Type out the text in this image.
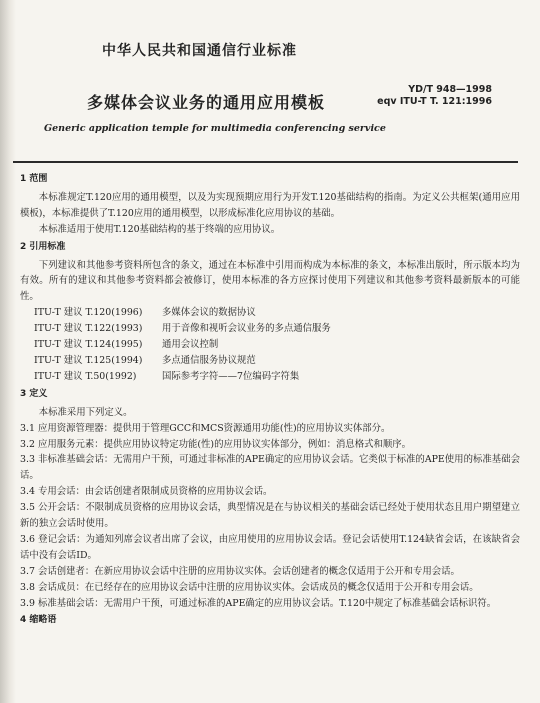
中华人民共和国通信行业标准
多媒体会议业务的通用应用模板
YD/T 948—1998
eqv ITU-T T. 121:1996
Generic application temple for multimedia conferencing service
1 范围
本标准规定T.120应用的通用模型，以及为实现预期应用行为开发T.120基础结构的指南。为定义公共框架(通用应用模板)，本标准提供了T.120应用的通用模型，以形成标准化应用协议的基础。
本标准适用于使用T.120基础结构的基于终端的应用协议。
2 引用标准
下列建议和其他参考资料所包含的条文，通过在本标准中引用而构成为本标准的条文，本标准出版时，所示版本均为有效。所有的建议和其他参考资料都会被修订，使用本标准的各方应探讨使用下列建议和其他参考资料最新版本的可能性。
ITU-T 建议 T.120(1996) 多媒体会议的数据协议
ITU-T 建议 T.122(1993) 用于音像和视听会议业务的多点通信服务
ITU-T 建议 T.124(1995) 通用会议控制
ITU-T 建议 T.125(1994) 多点通信服务协议规范
ITU-T 建议 T.50(1992)	国际参考字符——7位编码字符集
3 定义
本标准采用下列定义。
3.1 应用资源管理器：提供用于管理GCC和MCS资源通用功能(性)的应用协议实体部分。
3.2 应用服务元素：提供应用协议特定功能(性)的应用协议实体部分，例如：消息格式和顺序。
3.3 非标准基础会话：无需用户干预，可通过非标准的APE确定的应用协议会话。它类似于标准的APE使用的标准基础会话。
3.4 专用会话：由会话创建者限制成员资格的应用协议会话。
3.5 公开会话：不限制成员资格的应用协议会话，典型情况是在与协议相关的基础会话已经处于使用状态且用户期望建立新的独立会话时使用。
3.6 登记会话：为通知列席会议者出席了会议，由应用使用的应用协议会话。登记会话使用T.124缺省会话，在该缺省会话中没有会话ID。
3.7 会话创建者：在新应用协议会话中注册的应用协议实体。会话创建者的概念仅适用于公开和专用会话。
3.8 会话成员：在已经存在的应用协议会话中注册的应用协议实体。会话成员的概念仅适用于公开和专用会话。
3.9 标准基础会话：无需用户干预，可通过标准的APE确定的应用协议会话。T.120中规定了标准基础会话标识符。
4 缩略语
